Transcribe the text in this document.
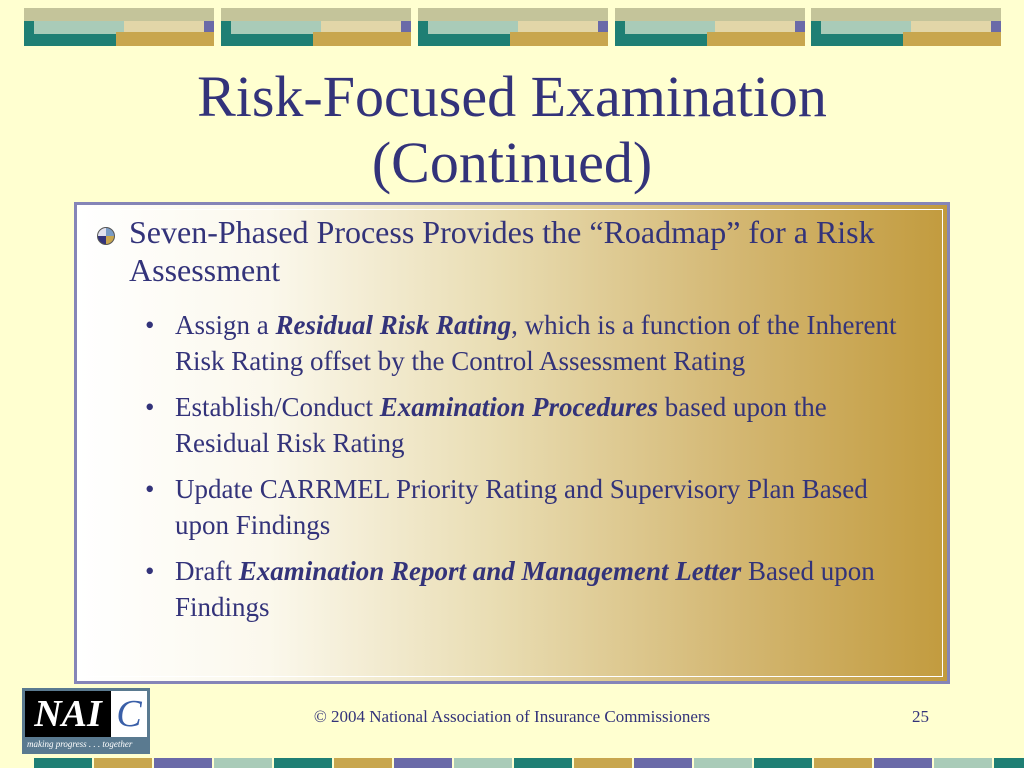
Risk-Focused Examination
(Continued)
Seven-Phased Process Provides the “Roadmap” for a Risk Assessment
• Assign a Residual Risk Rating, which is a function of the Inherent Risk Rating offset by the Control Assessment Rating
• Establish/Conduct Examination Procedures based upon the Residual Risk Rating
• Update CARRMEL Priority Rating and Supervisory Plan Based upon Findings
• Draft Examination Report and Management Letter Based upon Findings
NAI C
making progress . . . together
© 2004 National Association of Insurance Commissioners	25
